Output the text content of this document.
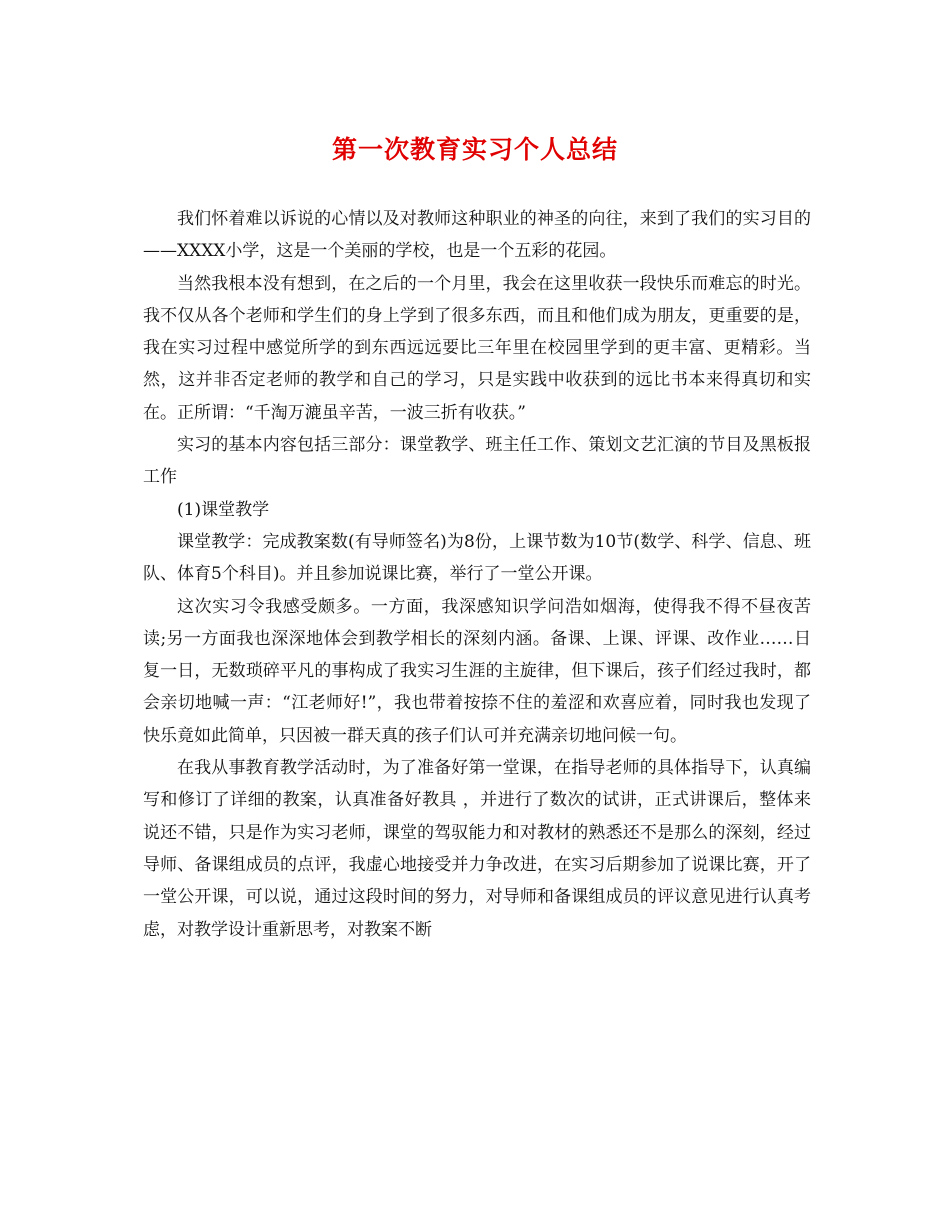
第一次教育实习个人总结

我们怀着难以诉说的心情以及对教师这种职业的神圣的向往，来到了我们的实习目的——XXXX小学，这是一个美丽的学校，也是一个五彩的花园。

当然我根本没有想到，在之后的一个月里，我会在这里收获一段快乐而难忘的时光。我不仅从各个老师和学生们的身上学到了很多东西，而且和他们成为朋友，更重要的是，我在实习过程中感觉所学的到东西远远要比三年里在校园里学到的更丰富、更精彩。当然，这并非否定老师的教学和自己的学习，只是实践中收获到的远比书本来得真切和实在。正所谓：“千淘万漉虽辛苦，一波三折有收获。”

实习的基本内容包括三部分：课堂教学、班主任工作、策划文艺汇演的节目及黑板报工作

(1)课堂教学

课堂教学：完成教案数(有导师签名)为8份，上课节数为10节(数学、科学、信息、班队、体育5个科目)。并且参加说课比赛，举行了一堂公开课。

这次实习令我感受颇多。一方面，我深感知识学问浩如烟海，使得我不得不昼夜苦读;另一方面我也深深地体会到教学相长的深刻内涵。备课、上课、评课、改作业……日复一日，无数琐碎平凡的事构成了我实习生涯的主旋律，但下课后，孩子们经过我时，都会亲切地喊一声：“江老师好!”，我也带着按捺不住的羞涩和欢喜应着，同时我也发现了快乐竟如此简单，只因被一群天真的孩子们认可并充满亲切地问候一句。

在我从事教育教学活动时，为了准备好第一堂课，在指导老师的具体指导下，认真编写和修订了详细的教案，认真准备好教具 ，并进行了数次的试讲，正式讲课后，整体来说还不错，只是作为实习老师，课堂的驾驭能力和对教材的熟悉还不是那么的深刻，经过导师、备课组成员的点评，我虚心地接受并力争改进，在实习后期参加了说课比赛，开了一堂公开课，可以说，通过这段时间的努力，对导师和备课组成员的评议意见进行认真考虑，对教学设计重新思考，对教案不断
